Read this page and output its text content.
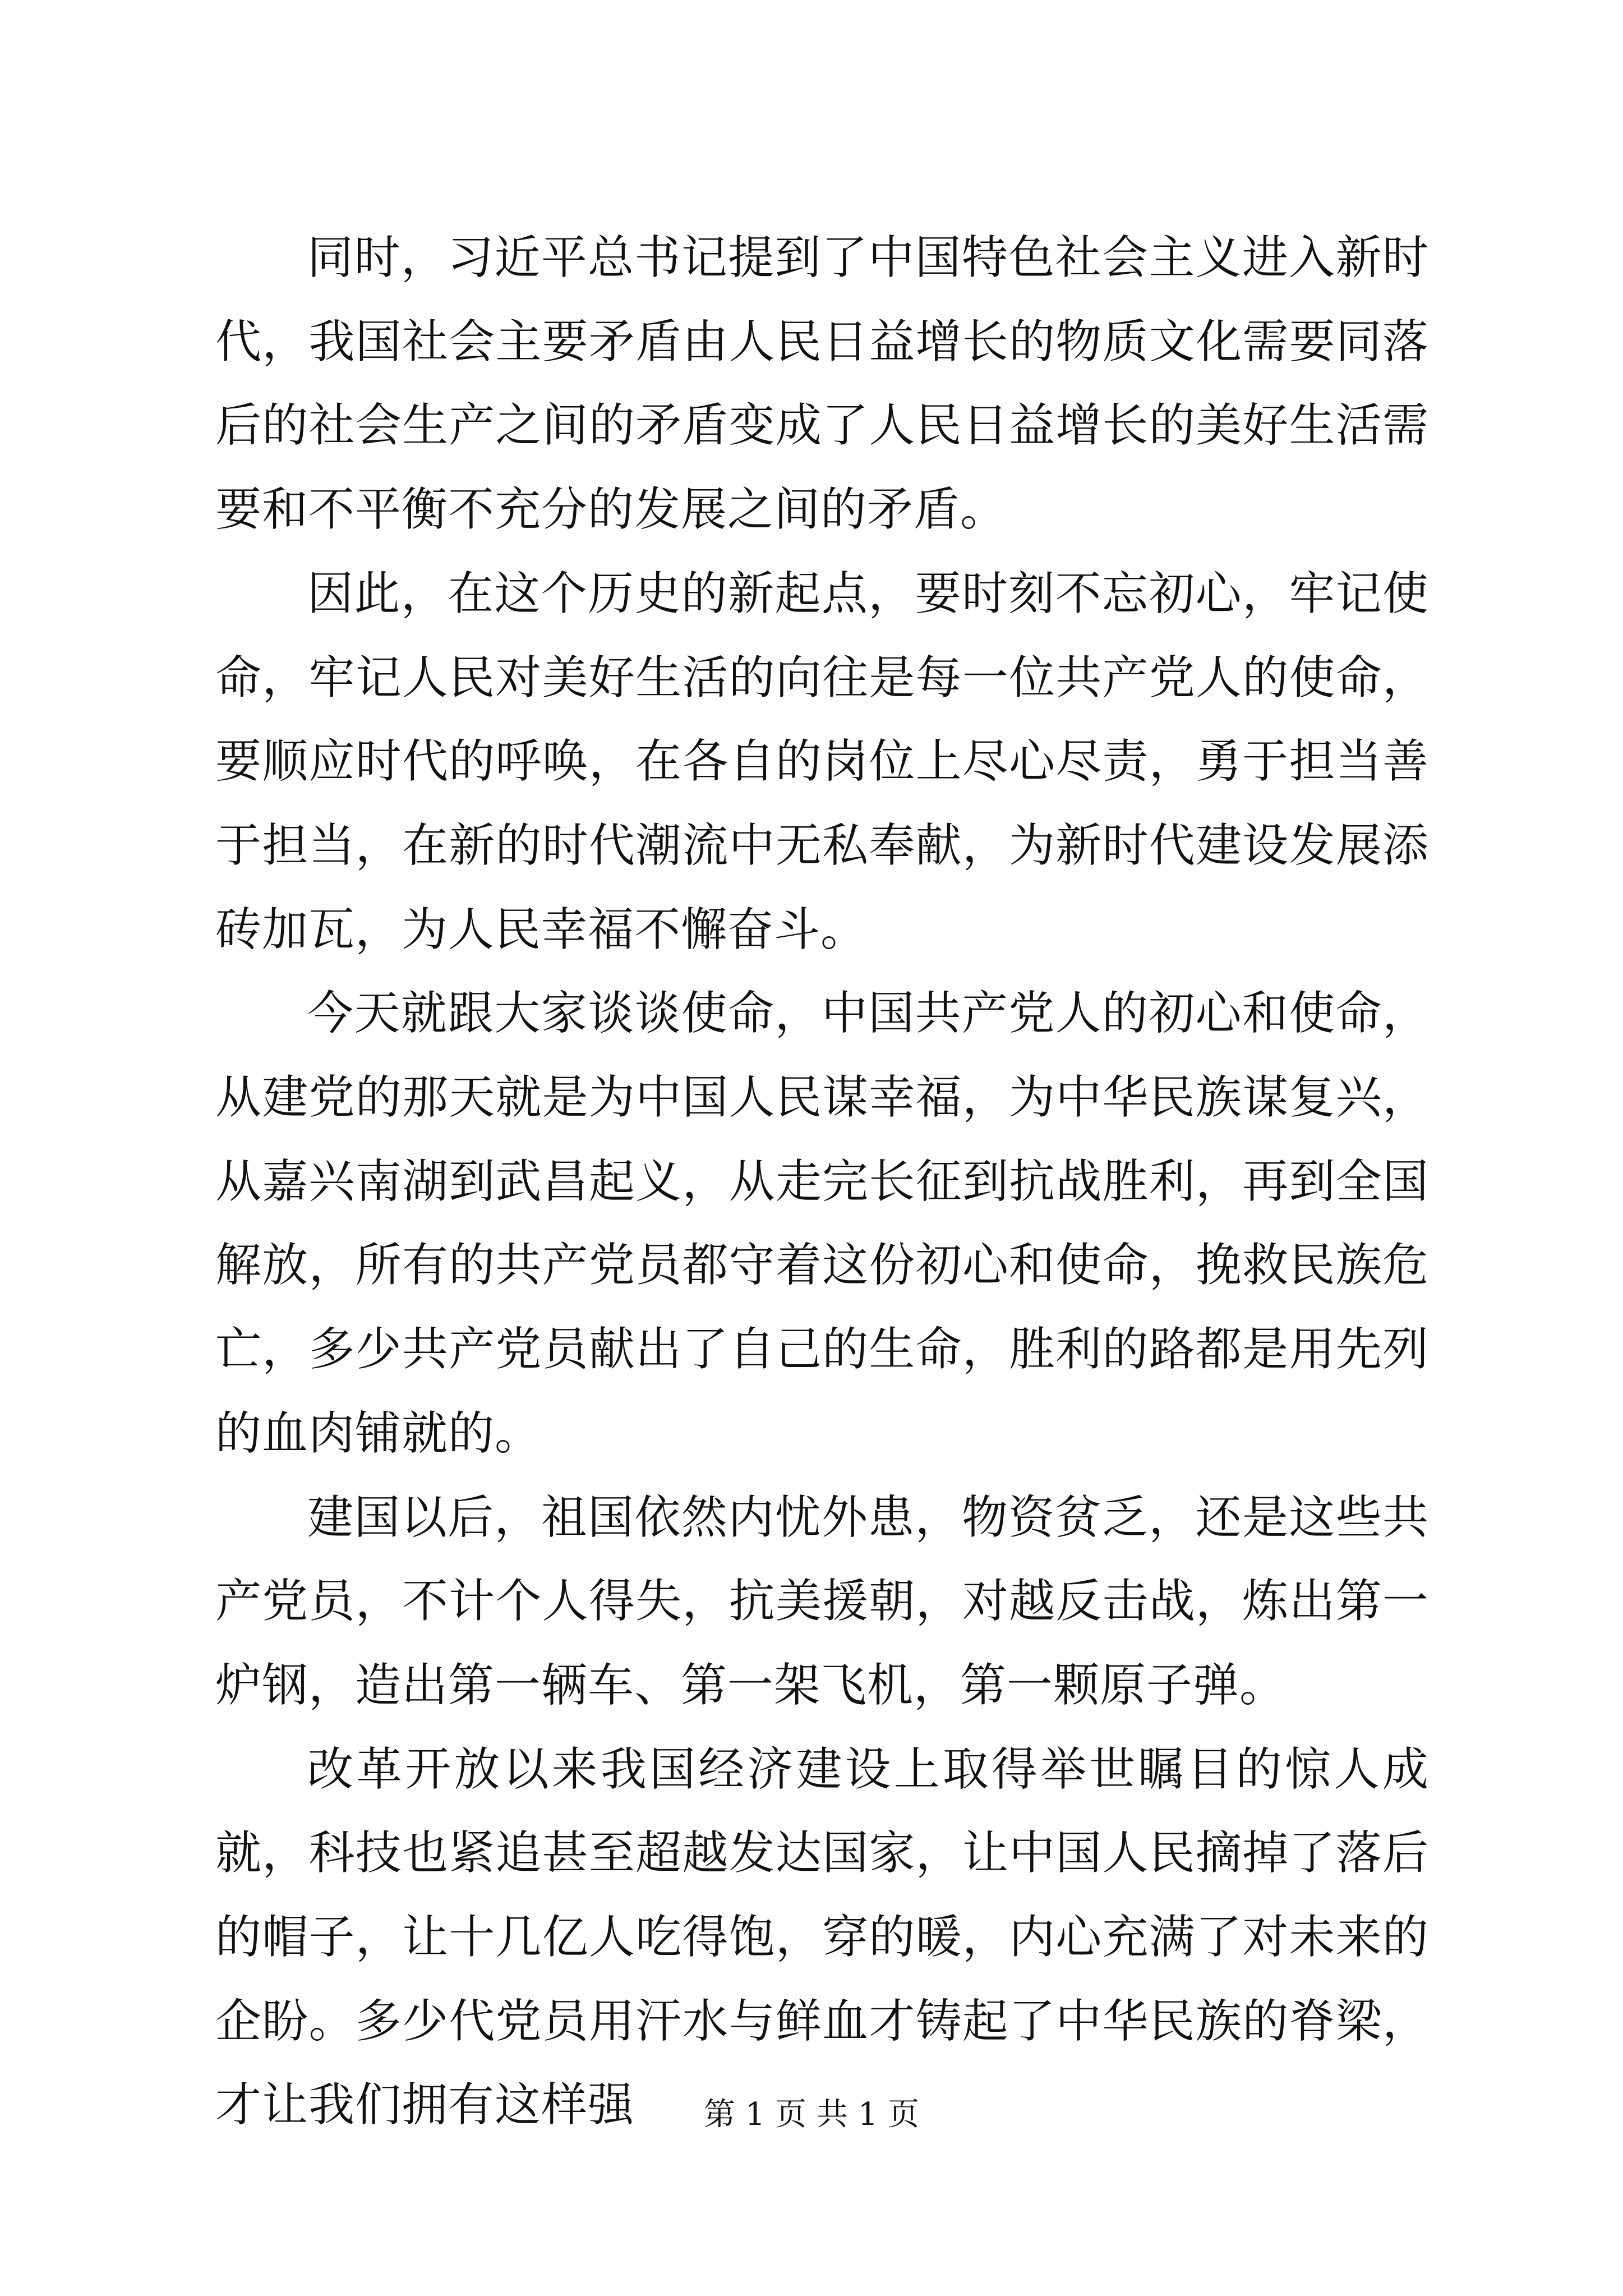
同时，习近平总书记提到了中国特色社会主义进入新时代，我国社会主要矛盾由人民日益增长的物质文化需要同落后的社会生产之间的矛盾变成了人民日益增长的美好生活需要和不平衡不充分的发展之间的矛盾。

因此，在这个历史的新起点，要时刻不忘初心，牢记使命，牢记人民对美好生活的向往是每一位共产党人的使命，要顺应时代的呼唤，在各自的岗位上尽心尽责，勇于担当善于担当，在新的时代潮流中无私奉献，为新时代建设发展添砖加瓦，为人民幸福不懈奋斗。

今天就跟大家谈谈使命，中国共产党人的初心和使命，从建党的那天就是为中国人民谋幸福，为中华民族谋复兴，从嘉兴南湖到武昌起义，从走完长征到抗战胜利，再到全国解放，所有的共产党员都守着这份初心和使命，挽救民族危亡，多少共产党员献出了自己的生命，胜利的路都是用先列的血肉铺就的。

建国以后，祖国依然内忧外患，物资贫乏，还是这些共产党员，不计个人得失，抗美援朝，对越反击战，炼出第一炉钢，造出第一辆车、第一架飞机，第一颗原子弹。

改革开放以来我国经济建设上取得举世瞩目的惊人成就，科技也紧追甚至超越发达国家，让中国人民摘掉了落后的帽子，让十几亿人吃得饱，穿的暖，内心充满了对未来的企盼。多少代党员用汗水与鲜血才铸起了中华民族的脊梁，才让我们拥有这样强	第 1 页 共 1 页
